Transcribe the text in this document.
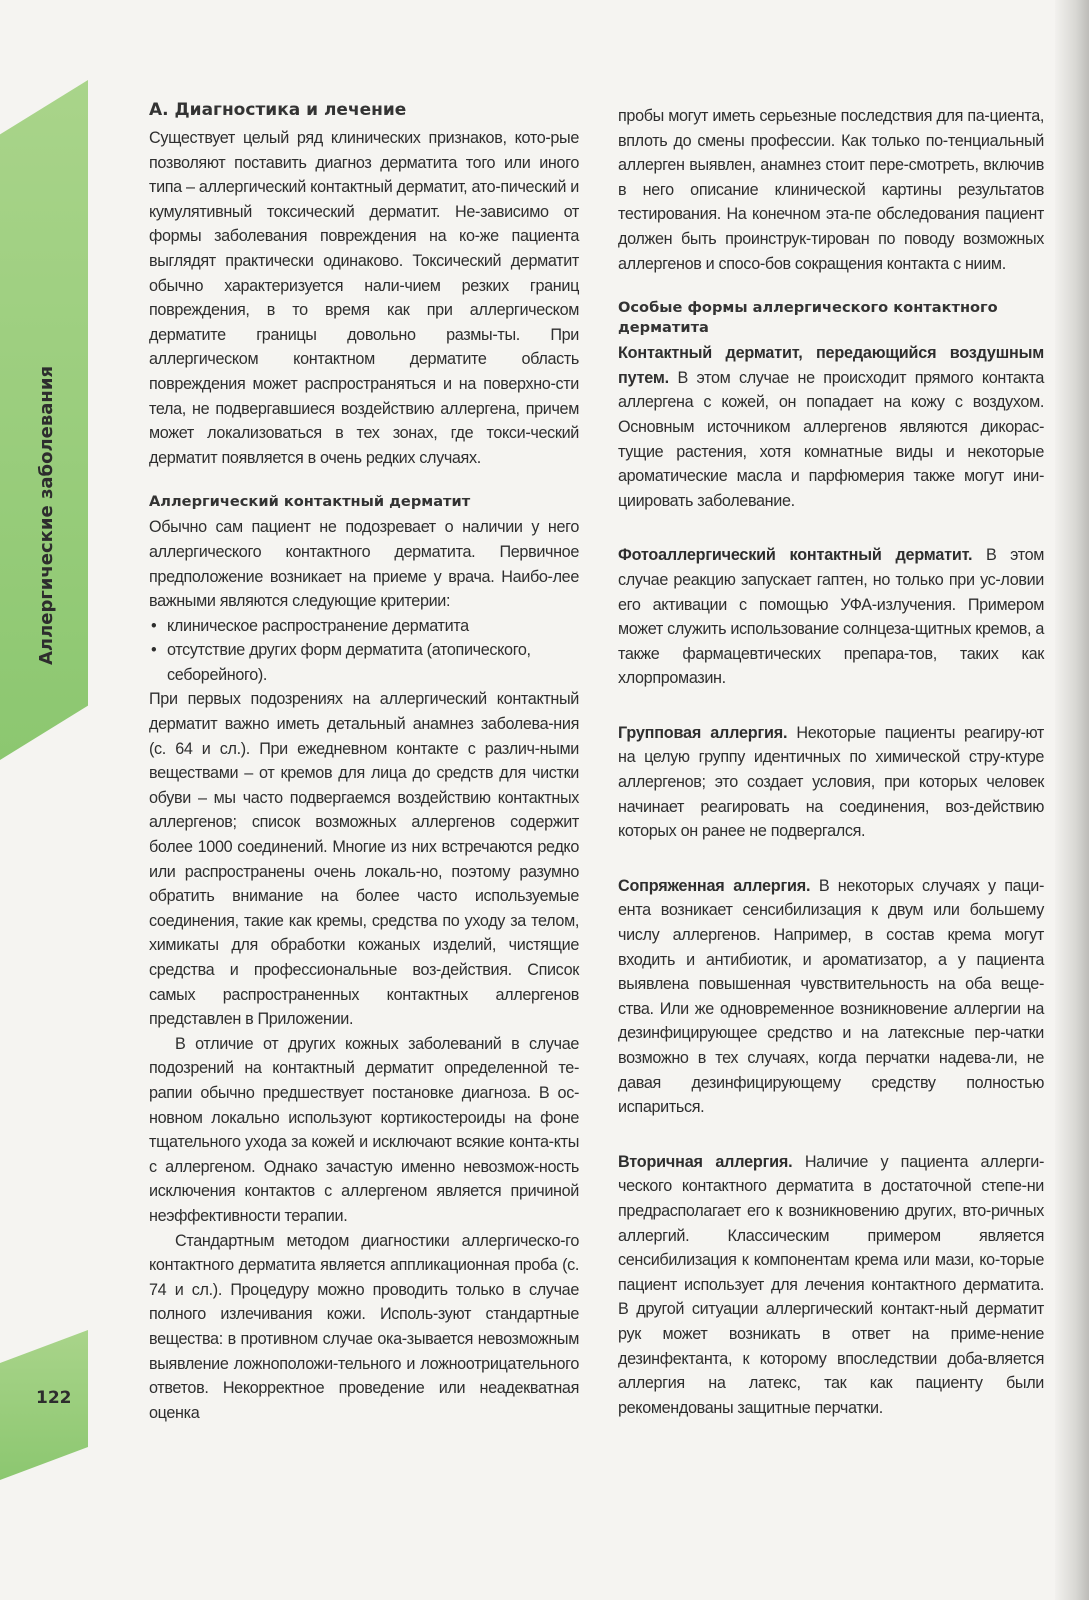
Аллергические заболевания
122
А. Диагностика и лечение

Существует целый ряд клинических признаков, кото-рые позволяют поставить диагноз дерматита того или иного типа – аллергический контактный дерматит, ато-пический и кумулятивный токсический дерматит. Не-зависимо от формы заболевания повреждения на ко-же пациента выглядят практически одинаково. Токсический дерматит обычно характеризуется нали-чием резких границ повреждения, в то время как при аллергическом дерматите границы довольно размы-ты. При аллергическом контактном дерматите область повреждения может распространяться и на поверхно-сти тела, не подвергавшиеся воздействию аллергена, причем может локализоваться в тех зонах, где токси-ческий дерматит появляется в очень редких случаях.

Аллергический контактный дерматит

Обычно сам пациент не подозревает о наличии у него аллергического контактного дерматита. Первичное предположение возникает на приеме у врача. Наибо-лее важными являются следующие критерии:

• клиническое распространение дерматита
• отсутствие других форм дерматита (атопического, себорейного).

При первых подозрениях на аллергический контактный дерматит важно иметь детальный анамнез заболева-ния (с. 64 и сл.). При ежедневном контакте с различ-ными веществами – от кремов для лица до средств для чистки обуви – мы часто подвергаемся воздействию контактных аллергенов; список возможных аллергенов содержит более 1000 соединений. Многие из них встречаются редко или распространены очень локаль-но, поэтому разумно обратить внимание на более часто используемые соединения, такие как кремы, средства по уходу за телом, химикаты для обработки кожаных изделий, чистящие средства и профессиональные воз-действия. Список самых распространенных контактных аллергенов представлен в Приложении.

В отличие от других кожных заболеваний в случае подозрений на контактный дерматит определенной те-рапии обычно предшествует постановке диагноза. В ос-новном локально используют кортикостероиды на фоне тщательного ухода за кожей и исключают всякие конта-кты с аллергеном. Однако зачастую именно невозмож-ность исключения контактов с аллергеном является причиной неэффективности терапии.

Стандартным методом диагностики аллергическо-го контактного дерматита является аппликационная проба (с. 74 и сл.). Процедуру можно проводить только в случае полного излечивания кожи. Исполь-зуют стандартные вещества: в противном случае ока-зывается невозможным выявление ложноположи-тельного и ложноотрицательного ответов. Некорректное проведение или неадекватная оценка

пробы могут иметь серьезные последствия для па-циента, вплоть до смены профессии. Как только по-тенциальный аллерген выявлен, анамнез стоит пере-смотреть, включив в него описание клинической картины результатов тестирования. На конечном эта-пе обследования пациент должен быть проинструк-тирован по поводу возможных аллергенов и спосо-бов сокращения контакта с ниим.

Особые формы аллергического контактного дерматита

Контактный дерматит, передающийся воздушным путем. В этом случае не происходит прямого контакта аллергена с кожей, он попадает на кожу с воздухом. Основным источником аллергенов являются дикорас-тущие растения, хотя комнатные виды и некоторые ароматические масла и парфюмерия также могут ини-циировать заболевание.

Фотоаллергический контактный дерматит. В этом случае реакцию запускает гаптен, но только при ус-ловии его активации с помощью УФА-излучения. Примером может служить использование солнцеза-щитных кремов, а также фармацевтических препара-тов, таких как хлорпромазин.

Групповая аллергия. Некоторые пациенты реагиру-ют на целую группу идентичных по химической стру-ктуре аллергенов; это создает условия, при которых человек начинает реагировать на соединения, воз-действию которых он ранее не подвергался.

Сопряженная аллергия. В некоторых случаях у паци-ента возникает сенсибилизация к двум или большему числу аллергенов. Например, в состав крема могут входить и антибиотик, и ароматизатор, а у пациента выявлена повышенная чувствительность на оба веще-ства. Или же одновременное возникновение аллергии на дезинфицирующее средство и на латексные пер-чатки возможно в тех случаях, когда перчатки надева-ли, не давая дезинфицирующему средству полностью испариться.

Вторичная аллергия. Наличие у пациента аллерги-ческого контактного дерматита в достаточной степе-ни предрасполагает его к возникновению других, вто-ричных аллергий. Классическим примером является сенсибилизация к компонентам крема или мази, ко-торые пациент использует для лечения контактного дерматита. В другой ситуации аллергический контакт-ный дерматит рук может возникать в ответ на приме-нение дезинфектанта, к которому впоследствии доба-вляется аллергия на латекс, так как пациенту были рекомендованы защитные перчатки.
